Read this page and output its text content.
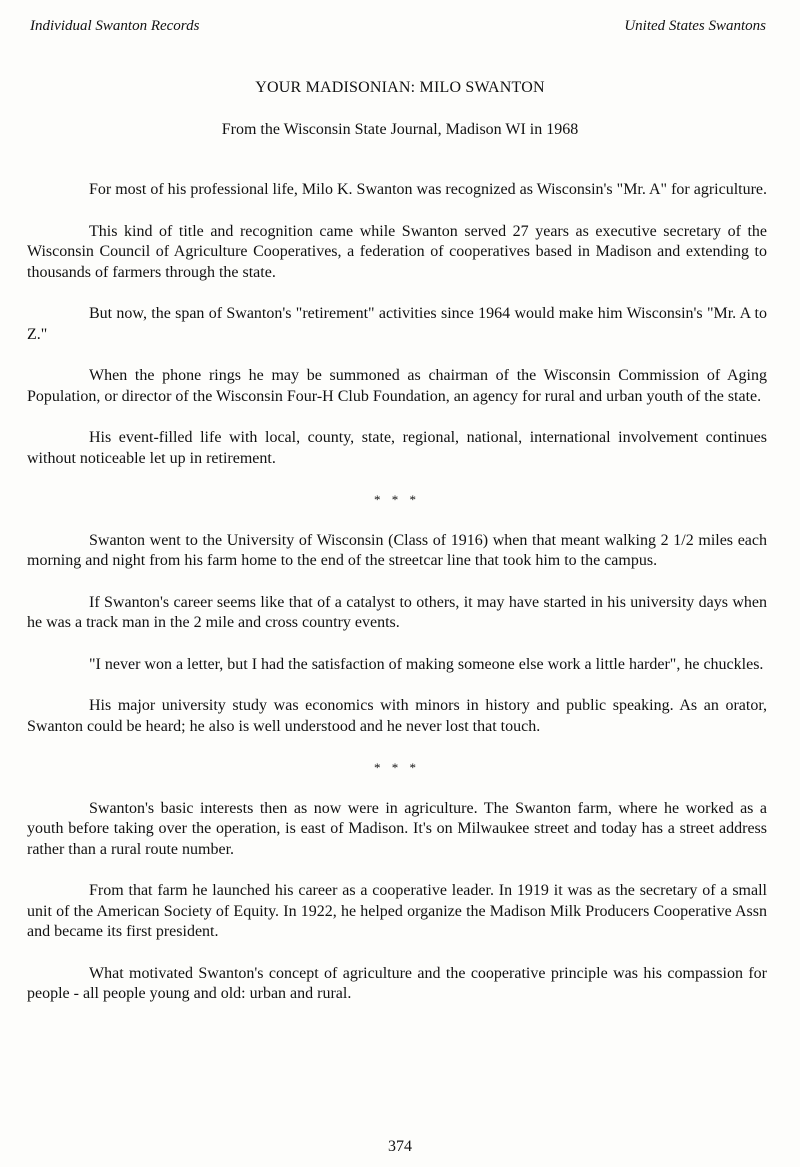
Individual Swanton Records	United States Swantons
YOUR MADISONIAN: MILO SWANTON
From the Wisconsin State Journal, Madison WI in 1968

For most of his professional life, Milo K. Swanton was recognized as Wisconsin's "Mr. A" for agriculture.

This kind of title and recognition came while Swanton served 27 years as executive secretary of the Wisconsin Council of Agriculture Cooperatives, a federation of cooperatives based in Madison and extending to thousands of farmers through the state.

But now, the span of Swanton's "retirement" activities since 1964 would make him Wisconsin's "Mr. A to Z."

When the phone rings he may be summoned as chairman of the Wisconsin Commission of Aging Population, or director of the Wisconsin Four-H Club Foundation, an agency for rural and urban youth of the state.

His event-filled life with local, county, state, regional, national, international involvement continues without noticeable let up in retirement.

* * *

Swanton went to the University of Wisconsin (Class of 1916) when that meant walking 2 1/2 miles each morning and night from his farm home to the end of the streetcar line that took him to the campus.

If Swanton's career seems like that of a catalyst to others, it may have started in his university days when he was a track man in the 2 mile and cross country events.

"I never won a letter, but I had the satisfaction of making someone else work a little harder", he chuckles.

His major university study was economics with minors in history and public speaking. As an orator, Swanton could be heard; he also is well understood and he never lost that touch.

* * *

Swanton's basic interests then as now were in agriculture. The Swanton farm, where he worked as a youth before taking over the operation, is east of Madison. It's on Milwaukee street and today has a street address rather than a rural route number.

From that farm he launched his career as a cooperative leader. In 1919 it was as the secretary of a small unit of the American Society of Equity. In 1922, he helped organize the Madison Milk Producers Cooperative Assn and became its first president.

What motivated Swanton's concept of agriculture and the cooperative principle was his compassion for people - all people young and old: urban and rural.

374
